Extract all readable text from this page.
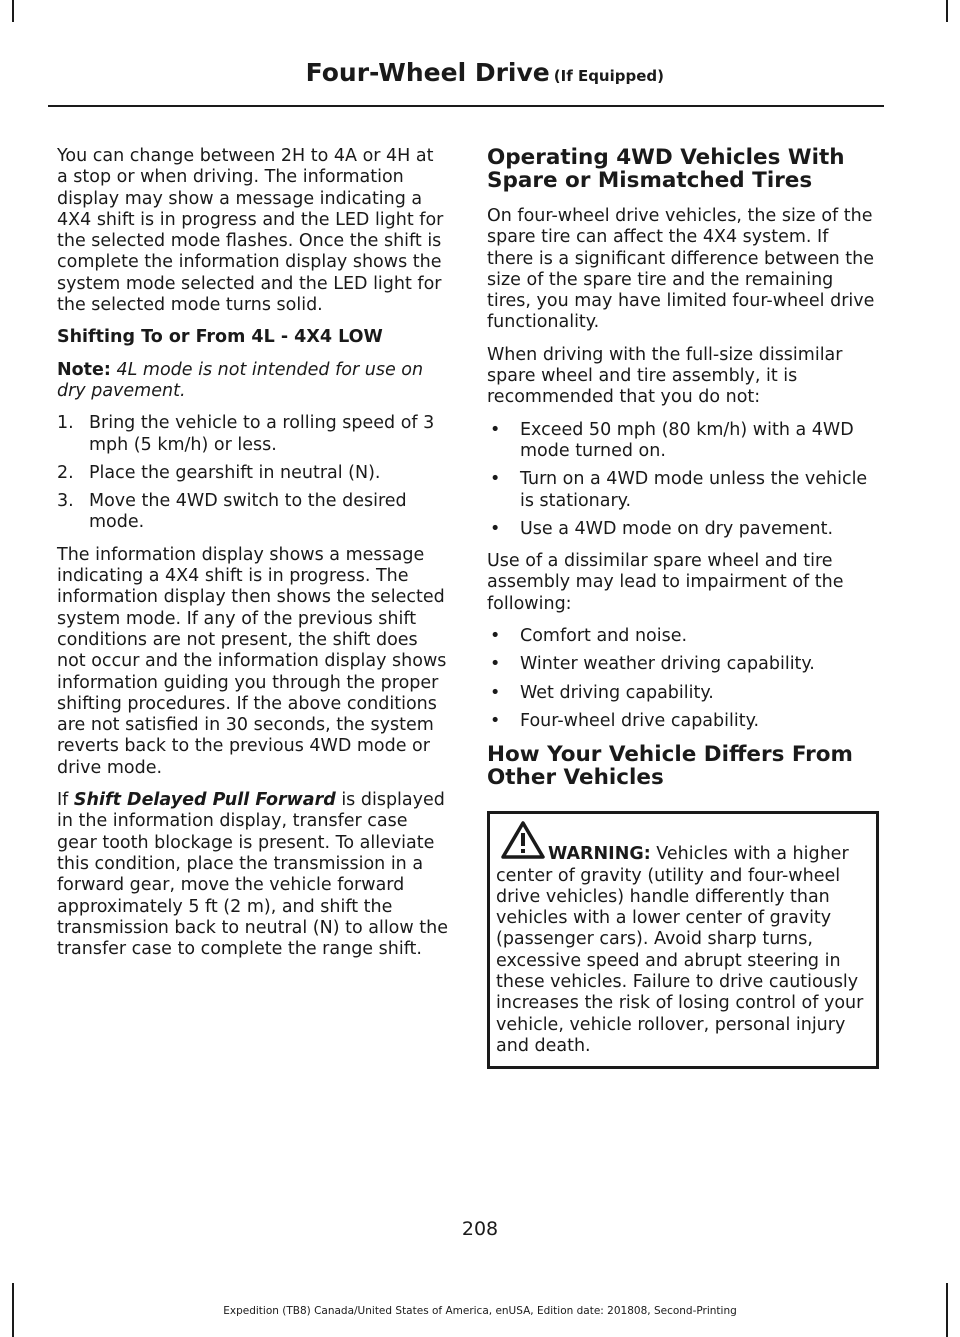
Four-Wheel Drive (If Equipped)

You can change between 2H to 4A or 4H at a stop or when driving. The information display may show a message indicating a 4X4 shift is in progress and the LED light for the selected mode flashes. Once the shift is complete the information display shows the system mode selected and the LED light for the selected mode turns solid.

Shifting To or From 4L - 4X4 LOW

Note: 4L mode is not intended for use on dry pavement.

1. Bring the vehicle to a rolling speed of 3 mph (5 km/h) or less.
2. Place the gearshift in neutral (N).
3. Move the 4WD switch to the desired mode.

The information display shows a message indicating a 4X4 shift is in progress. The information display then shows the selected system mode. If any of the previous shift conditions are not present, the shift does not occur and the information display shows information guiding you through the proper shifting procedures. If the above conditions are not satisfied in 30 seconds, the system reverts back to the previous 4WD mode or drive mode.

If Shift Delayed Pull Forward is displayed in the information display, transfer case gear tooth blockage is present. To alleviate this condition, place the transmission in a forward gear, move the vehicle forward approximately 5 ft (2 m), and shift the transmission back to neutral (N) to allow the transfer case to complete the range shift.

Operating 4WD Vehicles With Spare or Mismatched Tires

On four-wheel drive vehicles, the size of the spare tire can affect the 4X4 system. If there is a significant difference between the size of the spare tire and the remaining tires, you may have limited four-wheel drive functionality.

When driving with the full-size dissimilar spare wheel and tire assembly, it is recommended that you do not:

• Exceed 50 mph (80 km/h) with a 4WD mode turned on.
• Turn on a 4WD mode unless the vehicle is stationary.
• Use a 4WD mode on dry pavement.

Use of a dissimilar spare wheel and tire assembly may lead to impairment of the following:

• Comfort and noise.
• Winter weather driving capability.
• Wet driving capability.
• Four-wheel drive capability.
How Your Vehicle Differs From Other Vehicles
WARNING: Vehicles with a higher center of gravity (utility and four-wheel drive vehicles) handle differently than vehicles with a lower center of gravity (passenger cars). Avoid sharp turns, excessive speed and abrupt steering in these vehicles. Failure to drive cautiously increases the risk of losing control of your vehicle, vehicle rollover, personal injury and death.
208
Expedition (TB8) Canada/United States of America, enUSA, Edition date: 201808, Second-Printing
